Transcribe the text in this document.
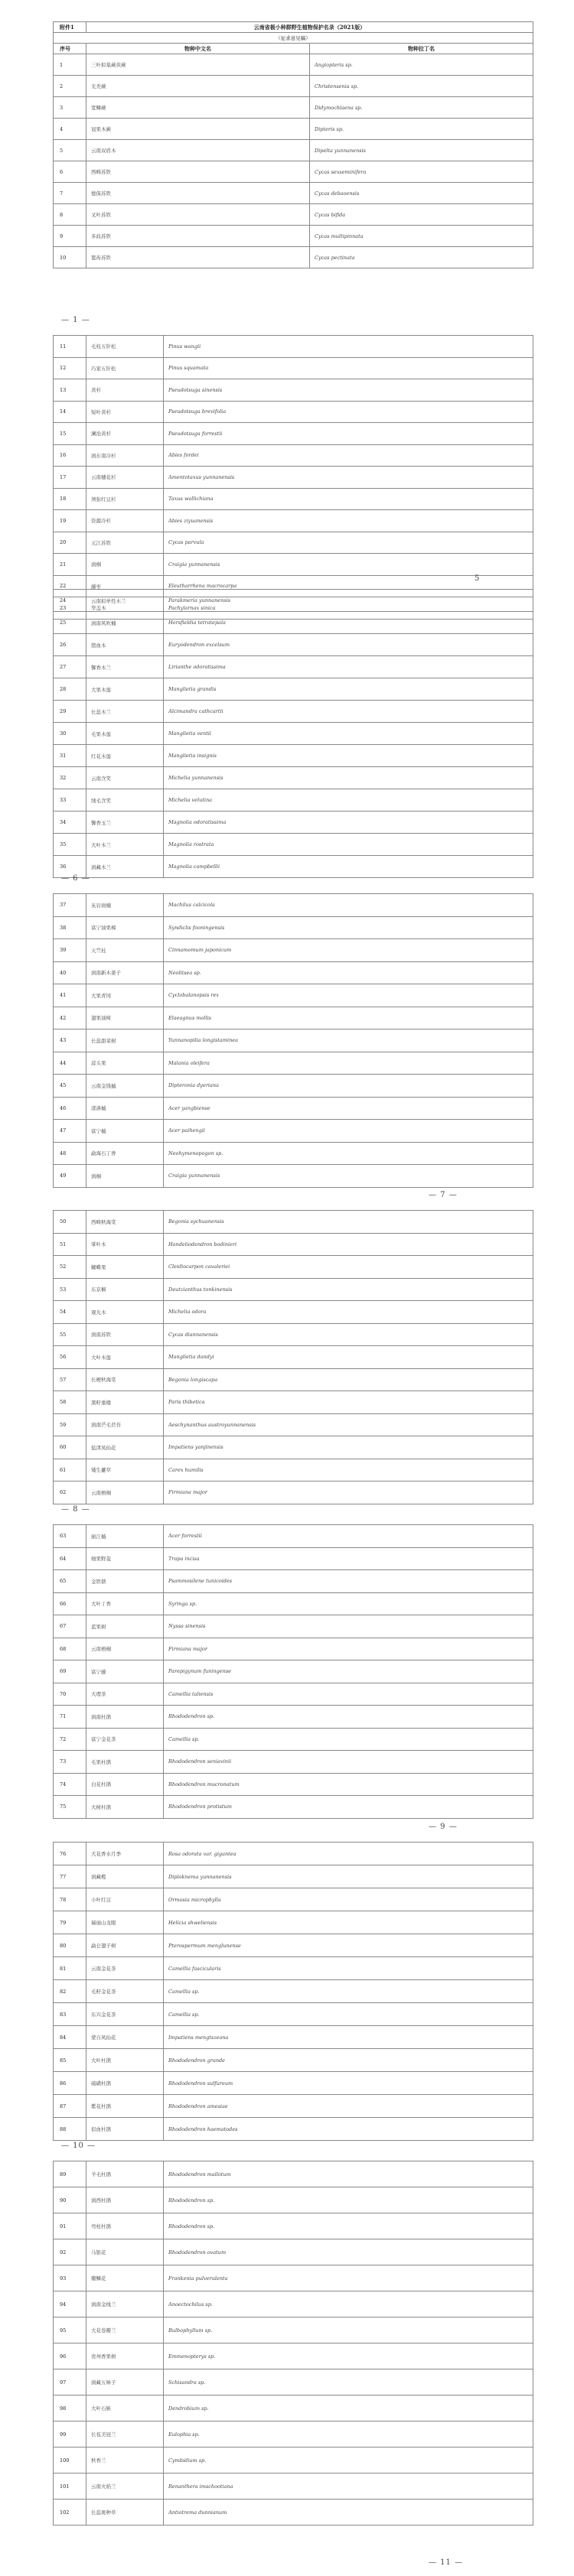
附件1	云南省极小种群野生植物保护名录（2021版）	
（征求意见稿）		
序号	物种中文名	物种拉丁名
1	三叶拟巢蕨黄蕨	Angiopteris sp.
2	光秃蕨	Christensenia sp.
3	宽鳞蕨	Didymochlaena sp.
4	冠果木蕨	Dipteris sp.
5	云南双盾木	Dipelta yunnanensis
6	西畴苏铁	Cycas sexseminifera
7	德保苏铁	Cycas debaoensis
8	叉叶苏铁	Cycas bifida
9	多歧苏铁	Cycas multipinnata
10	篦齿苏铁	Cycas pectinata
— 1 —
11	毛枝五针松	Pinus wangii
12	巧家五针松	Pinus squamata
13	黄杉	Pseudotsuga sinensis
14	短叶黄杉	Pseudotsuga brevifolia
15	澜沧黄杉	Pseudotsuga forrestii
16	滇东南冷杉	Abies fordei
17	云南穗花杉	Amentotaxus yunnanensis
18	须弥红豆杉	Taxus wallichiana
19	资源冷杉	Abies ziyuanensis
20	元江苏铁	Cycas parvula
21	滇桐	Craigia yunnanensis
22	藤枣	Eleutharrhena macrocarpa
23	华盖木	Pachylarnax sinica
5
24	云南拟单性木兰	Parakmeria yunnanensis
25	滇南风吹楠	Horsfieldia tetratepala
26	猪血木	Euryodendron excelsum
27	馨香木兰	Lirianthe odoratissima
28	大果木莲	Manglietia grandis
29	长蕊木兰	Alcimandra cathcartii
30	毛果木莲	Manglietia ventii
31	红花木莲	Manglietia insignis
32	云南含笑	Michelia yunnanensis
33	绒毛含笑	Michelia velutina
34	馨香玉兰	Magnolia odoratissima
35	大叶木兰	Magnolia rostrata
36	滇藏木兰	Magnolia campbellii
— 6 —
37	灰岩润楠	Machilus calcicola
38	富宁油果樟	Syndiclis fooningensis
39	天竺桂	Cinnamomum japonicum
40	滇南新木姜子	Neolitsea sp.
41	大果青冈	Cyclobalanopsis rex
42	翅果油树	Elaeagnus mollis
43	长蕊甜菜树	Yunnanopilia longistaminea
44	蒜头果	Malania oleifera
45	云南金钱槭	Dipteronia dyeriana
46	漾濞槭	Acer yangbiense
47	富宁槭	Acer paihengii
48	勐海石丁香	Neohymenopogon sp.
49	滇桐	Craigia yunnanensis
— 7 —
50	西畴秋海棠	Begonia sychuanensis
51	掌叶木	Handeliodendron bodinieri
52	蝴蝶果	Cleidiocarpon cavaleriei
53	东京桐	Deutzianthus tonkinensis
54	观光木	Michelia odora
55	滇南苏铁	Cycas diannanensis
56	大叶木莲	Manglietia dandyi
57	长梗秋海棠	Begonia longiscapa
58	黑籽重楼	Paris thibetica
59	滇南芒毛苣苔	Aeschynanthus austroyunnanensis
60	盐津凤仙花	Impatiens yanjinensis
61	矮生薹草	Carex humilis
62	云南梧桐	Firmiana major
— 8 —
63	丽江槭	Acer forrestii
64	细果野菱	Trapa incisa
65	金铁锁	Psammosilene tunicoides
66	大叶丁香	Syringa sp.
67	蓝果树	Nyssa sinensis
68	云南梧桐	Firmiana major
69	富宁藤	Parepigynum funingense
70	大理茶	Camellia taliensis
71	滇南杜鹃	Rhododendron sp.
72	富宁金花茶	Camellia sp.
73	毛果杜鹃	Rhododendron seniavinii
74	白花杜鹃	Rhododendron mucronatum
75	大树杜鹃	Rhododendron protistum
— 9 —
76	大花香水月季	Rosa odorata var. gigantea
77	滇藏榄	Diploknema yunnanensis
78	小叶红豆	Ormosia microphylla
79	瑞丽山龙眼	Helicia shweliensis
80	勐仑翅子树	Pterospermum menglunense
81	云南金花茶	Camellia fascicularis
82	毛籽金花茶	Camellia sp.
83	东兴金花茶	Camellia sp.
84	蒙自凤仙花	Impatiens mengtszeana
85	大叶杜鹃	Rhododendron grande
86	硫磺杜鹃	Rhododendron sulfureum
87	紫花杜鹃	Rhododendron amesiae
88	似血杜鹃	Rhododendron haematodes
— 10 —
89	羊毛杜鹃	Rhododendron mallotum
90	滇西杜鹃	Rhododendron sp.
91	弯柱杜鹃	Rhododendron sp.
92	马银花	Rhododendron ovatum
93	瓣鳞花	Frankenia pulverulenta
94	滇南金线兰	Anoectochilus sp.
95	大花卷瓣兰	Bulbophyllum sp.
96	贵州香果树	Emmenopterys sp.
97	滇藏五味子	Schisandra sp.
98	大叶石斛	Dendrobium sp.
99	长苞美冠兰	Eulophia sp.
100	秋香兰	Cymbidium sp.
101	云南火焰兰	Renanthera imschootiana
102	长蕊斑种草	Antiotrema dunnianum
— 11 —
